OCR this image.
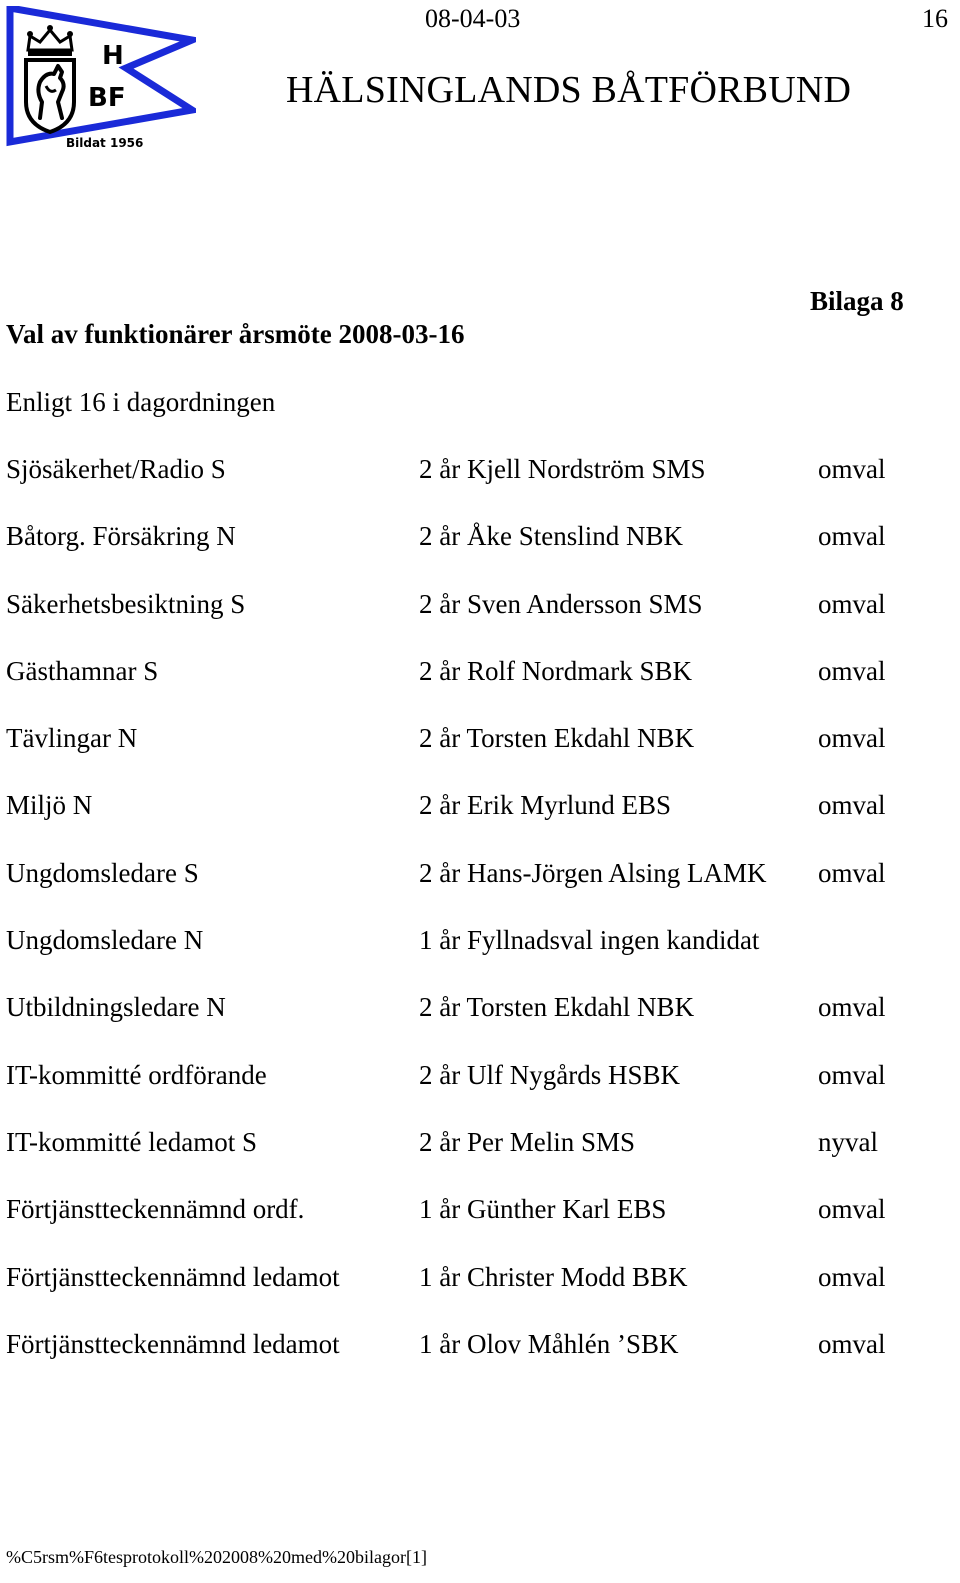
H
BF
Bildat 1956
08-04-03	16
HÄLSINGLANDS BÅTFÖRBUND
Bilaga 8
Val av funktionärer årsmöte 2008-03-16
Enligt 16 i dagordningen
Sjösäkerhet/Radio S	2 år Kjell Nordström SMS	omval
Båtorg. Försäkring N	2 år Åke Stenslind NBK	omval
Säkerhetsbesiktning S	2 år Sven Andersson SMS	omval
Gästhamnar S	2 år Rolf Nordmark SBK	omval
Tävlingar N	2 år Torsten Ekdahl NBK	omval
Miljö N	2 år Erik Myrlund EBS	omval
Ungdomsledare S	2 år Hans-Jörgen Alsing LAMK omval
Ungdomsledare N	1 år Fyllnadsval ingen kandidat
Utbildningsledare N	2 år Torsten Ekdahl NBK	omval
IT-kommitté ordförande	2 år Ulf Nygårds HSBK	omval
IT-kommitté ledamot S	2 år Per Melin SMS	nyval
Förtjänstteckennämnd ordf.	1 år Günther Karl EBS	omval
Förtjänstteckennämnd ledamot	1 år Christer Modd BBK	omval
Förtjänstteckennämnd ledamot	1 år Olov Måhlén ’SBK	omval
%C5rsm%F6tesprotokoll%202008%20med%20bilagor[1]
